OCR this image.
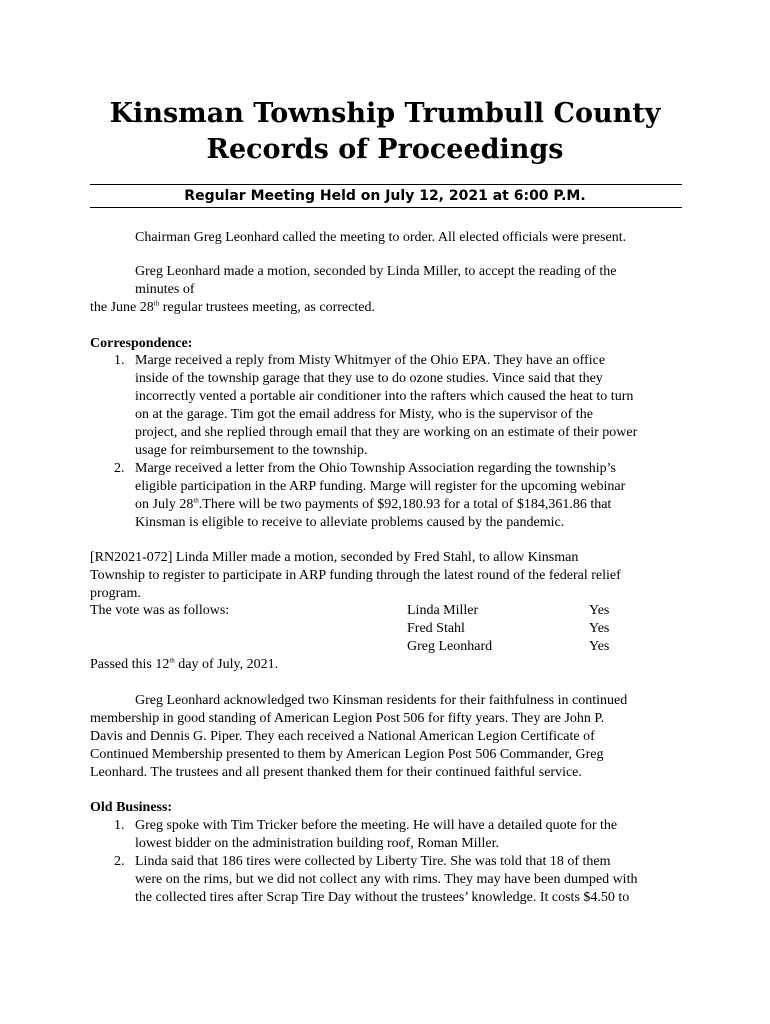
Kinsman Township Trumbull County
Records of Proceedings
Regular Meeting Held on July 12, 2021 at 6:00 P.M.
Chairman Greg Leonhard called the meeting to order. All elected officials were present.
Greg Leonhard made a motion, seconded by Linda Miller, to accept the reading of the
minutes of
the June 28th regular trustees meeting, as corrected.
Correspondence:
1. Marge received a reply from Misty Whitmyer of the Ohio EPA. They have an office
inside of the township garage that they use to do ozone studies. Vince said that they
incorrectly vented a portable air conditioner into the rafters which caused the heat to turn
on at the garage. Tim got the email address for Misty, who is the supervisor of the
project, and she replied through email that they are working on an estimate of their power
usage for reimbursement to the township.
2. Marge received a letter from the Ohio Township Association regarding the township’s
eligible participation in the ARP funding. Marge will register for the upcoming webinar
on July 28th.There will be two payments of $92,180.93 for a total of $184,361.86 that
Kinsman is eligible to receive to alleviate problems caused by the pandemic.
[RN2021-072] Linda Miller made a motion, seconded by Fred Stahl, to allow Kinsman
Township to register to participate in ARP funding through the latest round of the federal relief
program.
The vote was as follows:	Linda Miller	Yes
Fred Stahl	Yes
Greg Leonhard	Yes
Passed this 12th day of July, 2021.
Greg Leonhard acknowledged two Kinsman residents for their faithfulness in continued
membership in good standing of American Legion Post 506 for fifty years. They are John P.
Davis and Dennis G. Piper. They each received a National American Legion Certificate of
Continued Membership presented to them by American Legion Post 506 Commander, Greg
Leonhard. The trustees and all present thanked them for their continued faithful service.
Old Business:
1. Greg spoke with Tim Tricker before the meeting. He will have a detailed quote for the
lowest bidder on the administration building roof, Roman Miller.
2. Linda said that 186 tires were collected by Liberty Tire. She was told that 18 of them
were on the rims, but we did not collect any with rims. They may have been dumped with
the collected tires after Scrap Tire Day without the trustees’ knowledge. It costs $4.50 to
